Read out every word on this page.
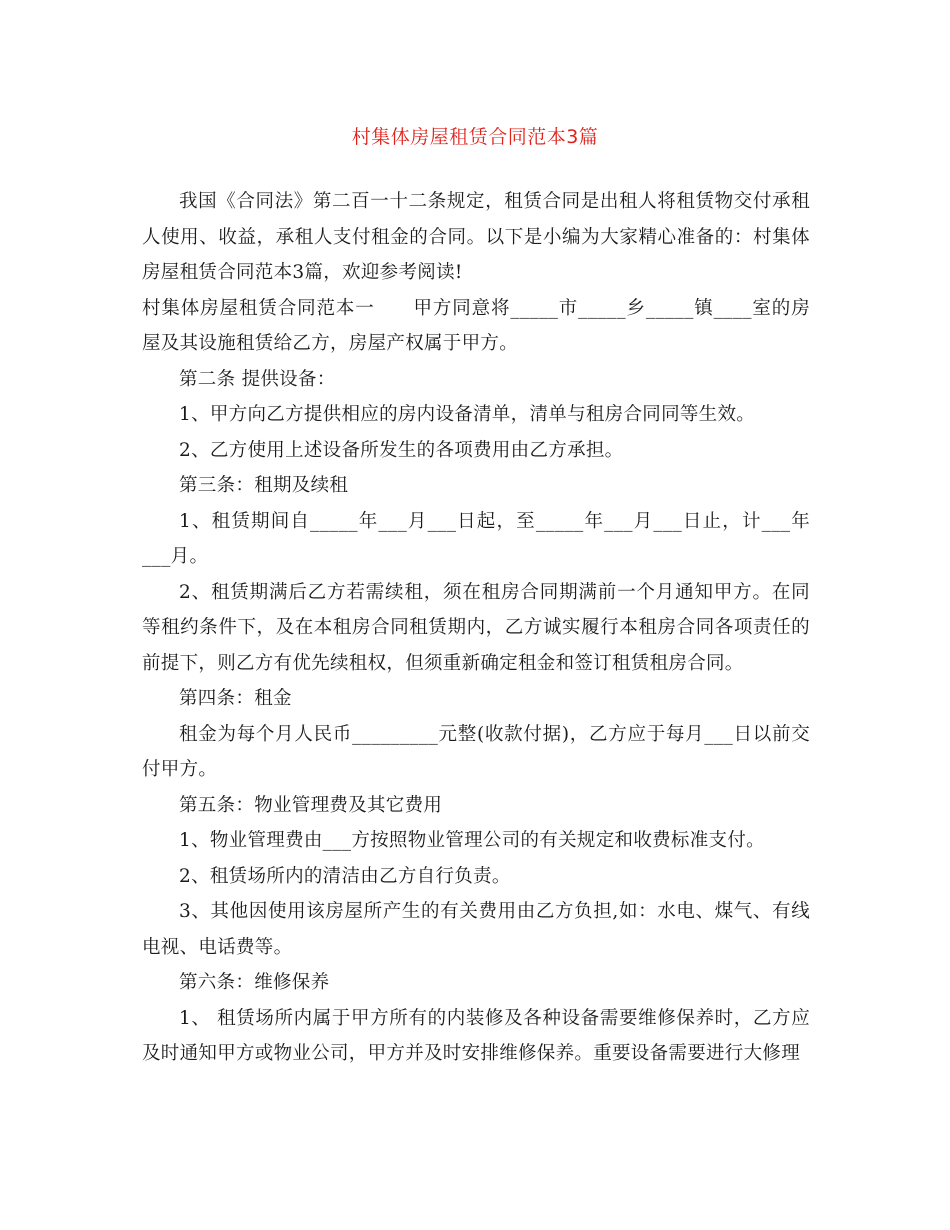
村集体房屋租赁合同范本3篇

我国《合同法》第二百一十二条规定，租赁合同是出租人将租赁物交付承租人使用、收益，承租人支付租金的合同。以下是小编为大家精心准备的：村集体房屋租赁合同范本3篇，欢迎参考阅读!

村集体房屋租赁合同范本一　　甲方同意将_____市_____乡_____镇____室的房屋及其设施租赁给乙方，房屋产权属于甲方。

第二条 提供设备：

1、甲方向乙方提供相应的房内设备清单，清单与租房合同同等生效。

2、乙方使用上述设备所发生的各项费用由乙方承担。

第三条：租期及续租

1、租赁期间自_____年___月___日起，至_____年___月___日止，计___年___月。

2、租赁期满后乙方若需续租，须在租房合同期满前一个月通知甲方。在同等租约条件下，及在本租房合同租赁期内，乙方诚实履行本租房合同各项责任的前提下，则乙方有优先续租权，但须重新确定租金和签订租赁租房合同。

第四条：租金

租金为每个月人民币_________元整(收款付据)，乙方应于每月___日以前交付甲方。

第五条：物业管理费及其它费用

1、物业管理费由___方按照物业管理公司的有关规定和收费标准支付。

2、租赁场所内的清洁由乙方自行负责。

3、其他因使用该房屋所产生的有关费用由乙方负担,如：水电、煤气、有线电视、电话费等。

第六条：维修保养

1、 租赁场所内属于甲方所有的内装修及各种设备需要维修保养时，乙方应及时通知甲方或物业公司，甲方并及时安排维修保养。重要设备需要进行大修理
